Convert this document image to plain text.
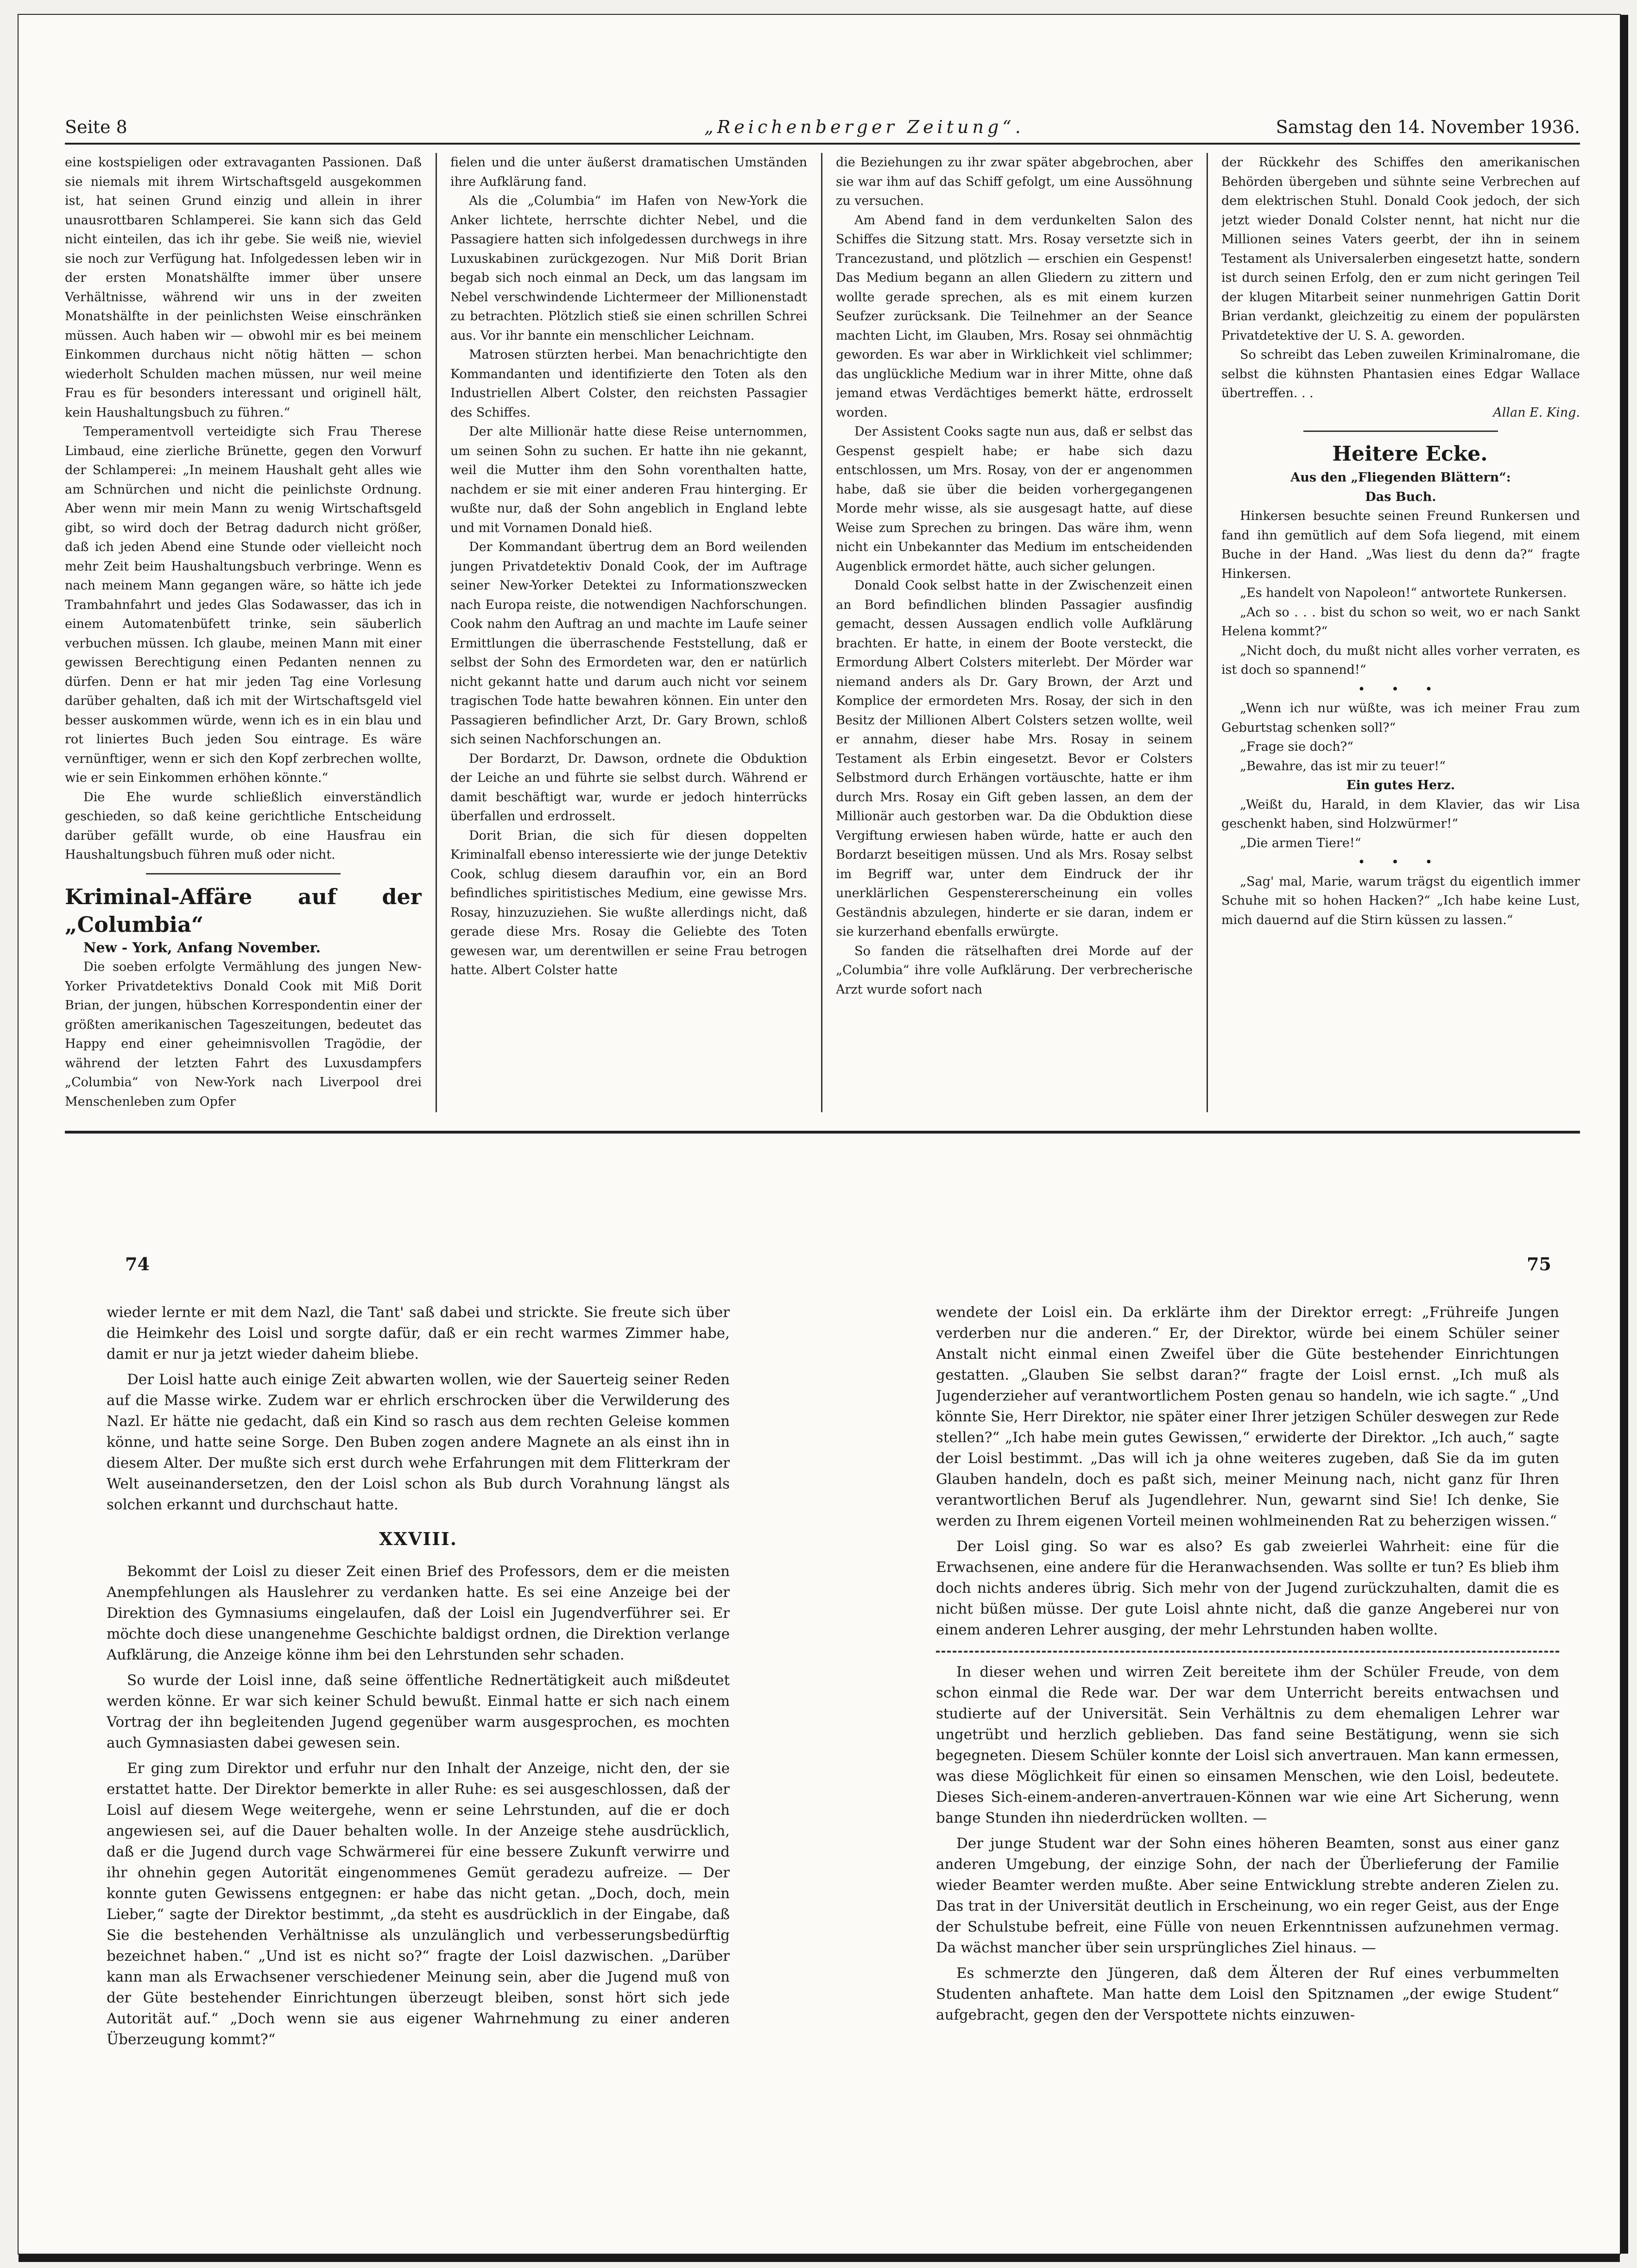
Seite 8	„Reichenberger Zeitung“.	Samstag den 14. November 1936.

eine kostspieligen oder extravaganten Passionen. Daß sie niemals mit ihrem Wirtschaftsgeld ausgekommen ist, hat seinen Grund einzig und allein in ihrer unausrottbaren Schlamperei. Sie kann sich das Geld nicht einteilen, das ich ihr gebe. Sie weiß nie, wieviel sie noch zur Verfügung hat. Infolgedessen leben wir in der ersten Monatshälfte immer über unsere Verhältnisse, während wir uns in der zweiten Monatshälfte in der peinlichsten Weise einschränken müssen. Auch haben wir — obwohl mir es bei meinem Einkommen durchaus nicht nötig hätten — schon wiederholt Schulden machen müssen, nur weil meine Frau es für besonders interessant und originell hält, kein Haushaltungsbuch zu führen.“

Temperamentvoll verteidigte sich Frau Therese Limbaud, eine zierliche Brünette, gegen den Vorwurf der Schlamperei: „In meinem Haushalt geht alles wie am Schnürchen und nicht die peinlichste Ordnung. Aber wenn mir mein Mann zu wenig Wirtschaftsgeld gibt, so wird doch der Betrag dadurch nicht größer, daß ich jeden Abend eine Stunde oder vielleicht noch mehr Zeit beim Haushaltungsbuch verbringe. Wenn es nach meinem Mann gegangen wäre, so hätte ich jede Trambahnfahrt und jedes Glas Sodawasser, das ich in einem Automatenbüfett trinke, sein säuberlich verbuchen müssen. Ich glaube, meinen Mann mit einer gewissen Berechtigung einen Pedanten nennen zu dürfen. Denn er hat mir jeden Tag eine Vorlesung darüber gehalten, daß ich mit der Wirtschaftsgeld viel besser auskommen würde, wenn ich es in ein blau und rot liniertes Buch jeden Sou eintrage. Es wäre vernünftiger, wenn er sich den Kopf zerbrechen wollte, wie er sein Einkommen erhöhen könnte.“

Die Ehe wurde schließlich einverständlich geschieden, so daß keine gerichtliche Entscheidung darüber gefällt wurde, ob eine Hausfrau ein Haushaltungsbuch führen muß oder nicht.

Kriminal-Affäre auf der „Columbia“

New - York, Anfang November.

Die soeben erfolgte Vermählung des jungen New-Yorker Privatdetektivs Donald Cook mit Miß Dorit Brian, der jungen, hübschen Korrespondentin einer der größten amerikanischen Tageszeitungen, bedeutet das Happy end einer geheimnisvollen Tragödie, der während der letzten Fahrt des Luxusdampfers „Columbia“ von New-York nach Liverpool drei Menschenleben zum Opfer

fielen und die unter äußerst dramatischen Umständen ihre Aufklärung fand.

Als die „Columbia“ im Hafen von New-York die Anker lichtete, herrschte dichter Nebel, und die Passagiere hatten sich infolgedessen durchwegs in ihre Luxuskabinen zurückgezogen. Nur Miß Dorit Brian begab sich noch einmal an Deck, um das langsam im Nebel verschwindende Lichtermeer der Millionenstadt zu betrachten. Plötzlich stieß sie einen schrillen Schrei aus. Vor ihr bannte ein menschlicher Leichnam.

Matrosen stürzten herbei. Man benachrichtigte den Kommandanten und identifizierte den Toten als den Industriellen Albert Colster, den reichsten Passagier des Schiffes.

Der alte Millionär hatte diese Reise unternommen, um seinen Sohn zu suchen. Er hatte ihn nie gekannt, weil die Mutter ihm den Sohn vorenthalten hatte, nachdem er sie mit einer anderen Frau hinterging. Er wußte nur, daß der Sohn angeblich in England lebte und mit Vornamen Donald hieß.

Der Kommandant übertrug dem an Bord weilenden jungen Privatdetektiv Donald Cook, der im Auftrage seiner New-Yorker Detektei zu Informationszwecken nach Europa reiste, die notwendigen Nachforschungen. Cook nahm den Auftrag an und machte im Laufe seiner Ermittlungen die überraschende Feststellung, daß er selbst der Sohn des Ermordeten war, den er natürlich nicht gekannt hatte und darum auch nicht vor seinem tragischen Tode hatte bewahren können. Ein unter den Passagieren befindlicher Arzt, Dr. Gary Brown, schloß sich seinen Nachforschungen an.

Der Bordarzt, Dr. Dawson, ordnete die Obduktion der Leiche an und führte sie selbst durch. Während er damit beschäftigt war, wurde er jedoch hinterrücks überfallen und erdrosselt.

Dorit Brian, die sich für diesen doppelten Kriminalfall ebenso interessierte wie der junge Detektiv Cook, schlug diesem daraufhin vor, ein an Bord befindliches spiritistisches Medium, eine gewisse Mrs. Rosay, hinzuzuziehen. Sie wußte allerdings nicht, daß gerade diese Mrs. Rosay die Geliebte des Toten gewesen war, um derentwillen er seine Frau betrogen hatte. Albert Colster hatte

die Beziehungen zu ihr zwar später abgebrochen, aber sie war ihm auf das Schiff gefolgt, um eine Aussöhnung zu versuchen.

Am Abend fand in dem verdunkelten Salon des Schiffes die Sitzung statt. Mrs. Rosay versetzte sich in Trancezustand, und plötzlich — erschien ein Gespenst! Das Medium begann an allen Gliedern zu zittern und wollte gerade sprechen, als es mit einem kurzen Seufzer zurücksank. Die Teilnehmer an der Seance machten Licht, im Glauben, Mrs. Rosay sei ohnmächtig geworden. Es war aber in Wirklichkeit viel schlimmer; das unglückliche Medium war in ihrer Mitte, ohne daß jemand etwas Verdächtiges bemerkt hätte, erdrosselt worden.

Der Assistent Cooks sagte nun aus, daß er selbst das Gespenst gespielt habe; er habe sich dazu entschlossen, um Mrs. Rosay, von der er angenommen habe, daß sie über die beiden vorhergegangenen Morde mehr wisse, als sie ausgesagt hatte, auf diese Weise zum Sprechen zu bringen. Das wäre ihm, wenn nicht ein Unbekannter das Medium im entscheidenden Augenblick ermordet hätte, auch sicher gelungen.

Donald Cook selbst hatte in der Zwischenzeit einen an Bord befindlichen blinden Passagier ausfindig gemacht, dessen Aussagen endlich volle Aufklärung brachten. Er hatte, in einem der Boote versteckt, die Ermordung Albert Colsters miterlebt. Der Mörder war niemand anders als Dr. Gary Brown, der Arzt und Komplice der ermordeten Mrs. Rosay, der sich in den Besitz der Millionen Albert Colsters setzen wollte, weil er annahm, dieser habe Mrs. Rosay in seinem Testament als Erbin eingesetzt. Bevor er Colsters Selbstmord durch Erhängen vortäuschte, hatte er ihm durch Mrs. Rosay ein Gift geben lassen, an dem der Millionär auch gestorben war. Da die Obduktion diese Vergiftung erwiesen haben würde, hatte er auch den Bordarzt beseitigen müssen. Und als Mrs. Rosay selbst im Begriff war, unter dem Eindruck der ihr unerklärlichen Gespenstererscheinung ein volles Geständnis abzulegen, hinderte er sie daran, indem er sie kurzerhand ebenfalls erwürgte.

So fanden die rätselhaften drei Morde auf der „Columbia“ ihre volle Aufklärung. Der verbrecherische Arzt wurde sofort nach

der Rückkehr des Schiffes den amerikanischen Behörden übergeben und sühnte seine Verbrechen auf dem elektrischen Stuhl. Donald Cook jedoch, der sich jetzt wieder Donald Colster nennt, hat nicht nur die Millionen seines Vaters geerbt, der ihn in seinem Testament als Universalerben eingesetzt hatte, sondern ist durch seinen Erfolg, den er zum nicht geringen Teil der klugen Mitarbeit seiner nunmehrigen Gattin Dorit Brian verdankt, gleichzeitig zu einem der populärsten Privatdetektive der U. S. A. geworden.

So schreibt das Leben zuweilen Kriminalromane, die selbst die kühnsten Phantasien eines Edgar Wallace übertreffen. . .

Allan E. King.

Heitere Ecke.

Aus den „Fliegenden Blättern“:

Das Buch.

Hinkersen besuchte seinen Freund Runkersen und fand ihn gemütlich auf dem Sofa liegend, mit einem Buche in der Hand. „Was liest du denn da?“ fragte Hinkersen.

„Es handelt von Napoleon!“ antwortete Runkersen.

„Ach so . . . bist du schon so weit, wo er nach Sankt Helena kommt?“

„Nicht doch, du mußt nicht alles vorher verraten, es ist doch so spannend!“

• • •

„Wenn ich nur wüßte, was ich meiner Frau zum Geburtstag schenken soll?“

„Frage sie doch?“

„Bewahre, das ist mir zu teuer!“

Ein gutes Herz.

„Weißt du, Harald, in dem Klavier, das wir Lisa geschenkt haben, sind Holzwürmer!“

„Die armen Tiere!“

• • •

„Sag' mal, Marie, warum trägst du eigentlich immer Schuhe mit so hohen Hacken?“ „Ich habe keine Lust, mich dauernd auf die Stirn küssen zu lassen.“

74	75

wieder lernte er mit dem Nazl, die Tant' saß dabei und strickte. Sie freute sich über die Heimkehr des Loisl und sorgte dafür, daß er ein recht warmes Zimmer habe, damit er nur ja jetzt wieder daheim bliebe.

Der Loisl hatte auch einige Zeit abwarten wollen, wie der Sauerteig seiner Reden auf die Masse wirke. Zudem war er ehrlich erschrocken über die Verwilderung des Nazl. Er hätte nie gedacht, daß ein Kind so rasch aus dem rechten Geleise kommen könne, und hatte seine Sorge. Den Buben zogen andere Magnete an als einst ihn in diesem Alter. Der mußte sich erst durch wehe Erfahrungen mit dem Flitterkram der Welt auseinandersetzen, den der Loisl schon als Bub durch Vorahnung längst als solchen erkannt und durchschaut hatte.

XXVIII.

Bekommt der Loisl zu dieser Zeit einen Brief des Professors, dem er die meisten Anempfehlungen als Hauslehrer zu verdanken hatte. Es sei eine Anzeige bei der Direktion des Gymnasiums eingelaufen, daß der Loisl ein Jugendverführer sei. Er möchte doch diese unangenehme Geschichte baldigst ordnen, die Direktion verlange Aufklärung, die Anzeige könne ihm bei den Lehrstunden sehr schaden.

So wurde der Loisl inne, daß seine öffentliche Rednertätigkeit auch mißdeutet werden könne. Er war sich keiner Schuld bewußt. Einmal hatte er sich nach einem Vortrag der ihn begleitenden Jugend gegenüber warm ausgesprochen, es mochten auch Gymnasiasten dabei gewesen sein.

Er ging zum Direktor und erfuhr nur den Inhalt der Anzeige, nicht den, der sie erstattet hatte. Der Direktor bemerkte in aller Ruhe: es sei ausgeschlossen, daß der Loisl auf diesem Wege weitergehe, wenn er seine Lehrstunden, auf die er doch angewiesen sei, auf die Dauer behalten wolle. In der Anzeige stehe ausdrücklich, daß er die Jugend durch vage Schwärmerei für eine bessere Zukunft verwirre und ihr ohnehin gegen Autorität eingenommenes Gemüt geradezu aufreize. — Der konnte guten Gewissens entgegnen: er habe das nicht getan. „Doch, doch, mein Lieber,“ sagte der Direktor bestimmt, „da steht es ausdrücklich in der Eingabe, daß Sie die bestehenden Verhältnisse als unzulänglich und verbesserungsbedürftig bezeichnet haben.“ „Und ist es nicht so?“ fragte der Loisl dazwischen. „Darüber kann man als Erwachsener verschiedener Meinung sein, aber die Jugend muß von der Güte bestehender Einrichtungen überzeugt bleiben, sonst hört sich jede Autorität auf.“ „Doch wenn sie aus eigener Wahrnehmung zu einer anderen Überzeugung kommt?“

wendete der Loisl ein. Da erklärte ihm der Direktor erregt: „Frühreife Jungen verderben nur die anderen.“ Er, der Direktor, würde bei einem Schüler seiner Anstalt nicht einmal einen Zweifel über die Güte bestehender Einrichtungen gestatten. „Glauben Sie selbst daran?“ fragte der Loisl ernst. „Ich muß als Jugenderzieher auf verantwortlichem Posten genau so handeln, wie ich sagte.“ „Und könnte Sie, Herr Direktor, nie später einer Ihrer jetzigen Schüler deswegen zur Rede stellen?“ „Ich habe mein gutes Gewissen,“ erwiderte der Direktor. „Ich auch,“ sagte der Loisl bestimmt. „Das will ich ja ohne weiteres zugeben, daß Sie da im guten Glauben handeln, doch es paßt sich, meiner Meinung nach, nicht ganz für Ihren verantwortlichen Beruf als Jugendlehrer. Nun, gewarnt sind Sie! Ich denke, Sie werden zu Ihrem eigenen Vorteil meinen wohlmeinenden Rat zu beherzigen wissen.“

Der Loisl ging. So war es also? Es gab zweierlei Wahrheit: eine für die Erwachsenen, eine andere für die Heranwachsenden. Was sollte er tun? Es blieb ihm doch nichts anderes übrig. Sich mehr von der Jugend zurückzuhalten, damit die es nicht büßen müsse. Der gute Loisl ahnte nicht, daß die ganze Angeberei nur von einem anderen Lehrer ausging, der mehr Lehrstunden haben wollte.

In dieser wehen und wirren Zeit bereitete ihm der Schüler Freude, von dem schon einmal die Rede war. Der war dem Unterricht bereits entwachsen und studierte auf der Universität. Sein Verhältnis zu dem ehemaligen Lehrer war ungetrübt und herzlich geblieben. Das fand seine Bestätigung, wenn sie sich begegneten. Diesem Schüler konnte der Loisl sich anvertrauen. Man kann ermessen, was diese Möglichkeit für einen so einsamen Menschen, wie den Loisl, bedeutete. Dieses Sich-einem-anderen-anvertrauen-Können war wie eine Art Sicherung, wenn bange Stunden ihn niederdrücken wollten. —

Der junge Student war der Sohn eines höheren Beamten, sonst aus einer ganz anderen Umgebung, der einzige Sohn, der nach der Überlieferung der Familie wieder Beamter werden mußte. Aber seine Entwicklung strebte anderen Zielen zu. Das trat in der Universität deutlich in Erscheinung, wo ein reger Geist, aus der Enge der Schulstube befreit, eine Fülle von neuen Erkenntnissen aufzunehmen vermag. Da wächst mancher über sein ursprüngliches Ziel hinaus. —

Es schmerzte den Jüngeren, daß dem Älteren der Ruf eines verbummelten Studenten anhaftete. Man hatte dem Loisl den Spitznamen „der ewige Student“ aufgebracht, gegen den der Verspottete nichts einzuwen-
